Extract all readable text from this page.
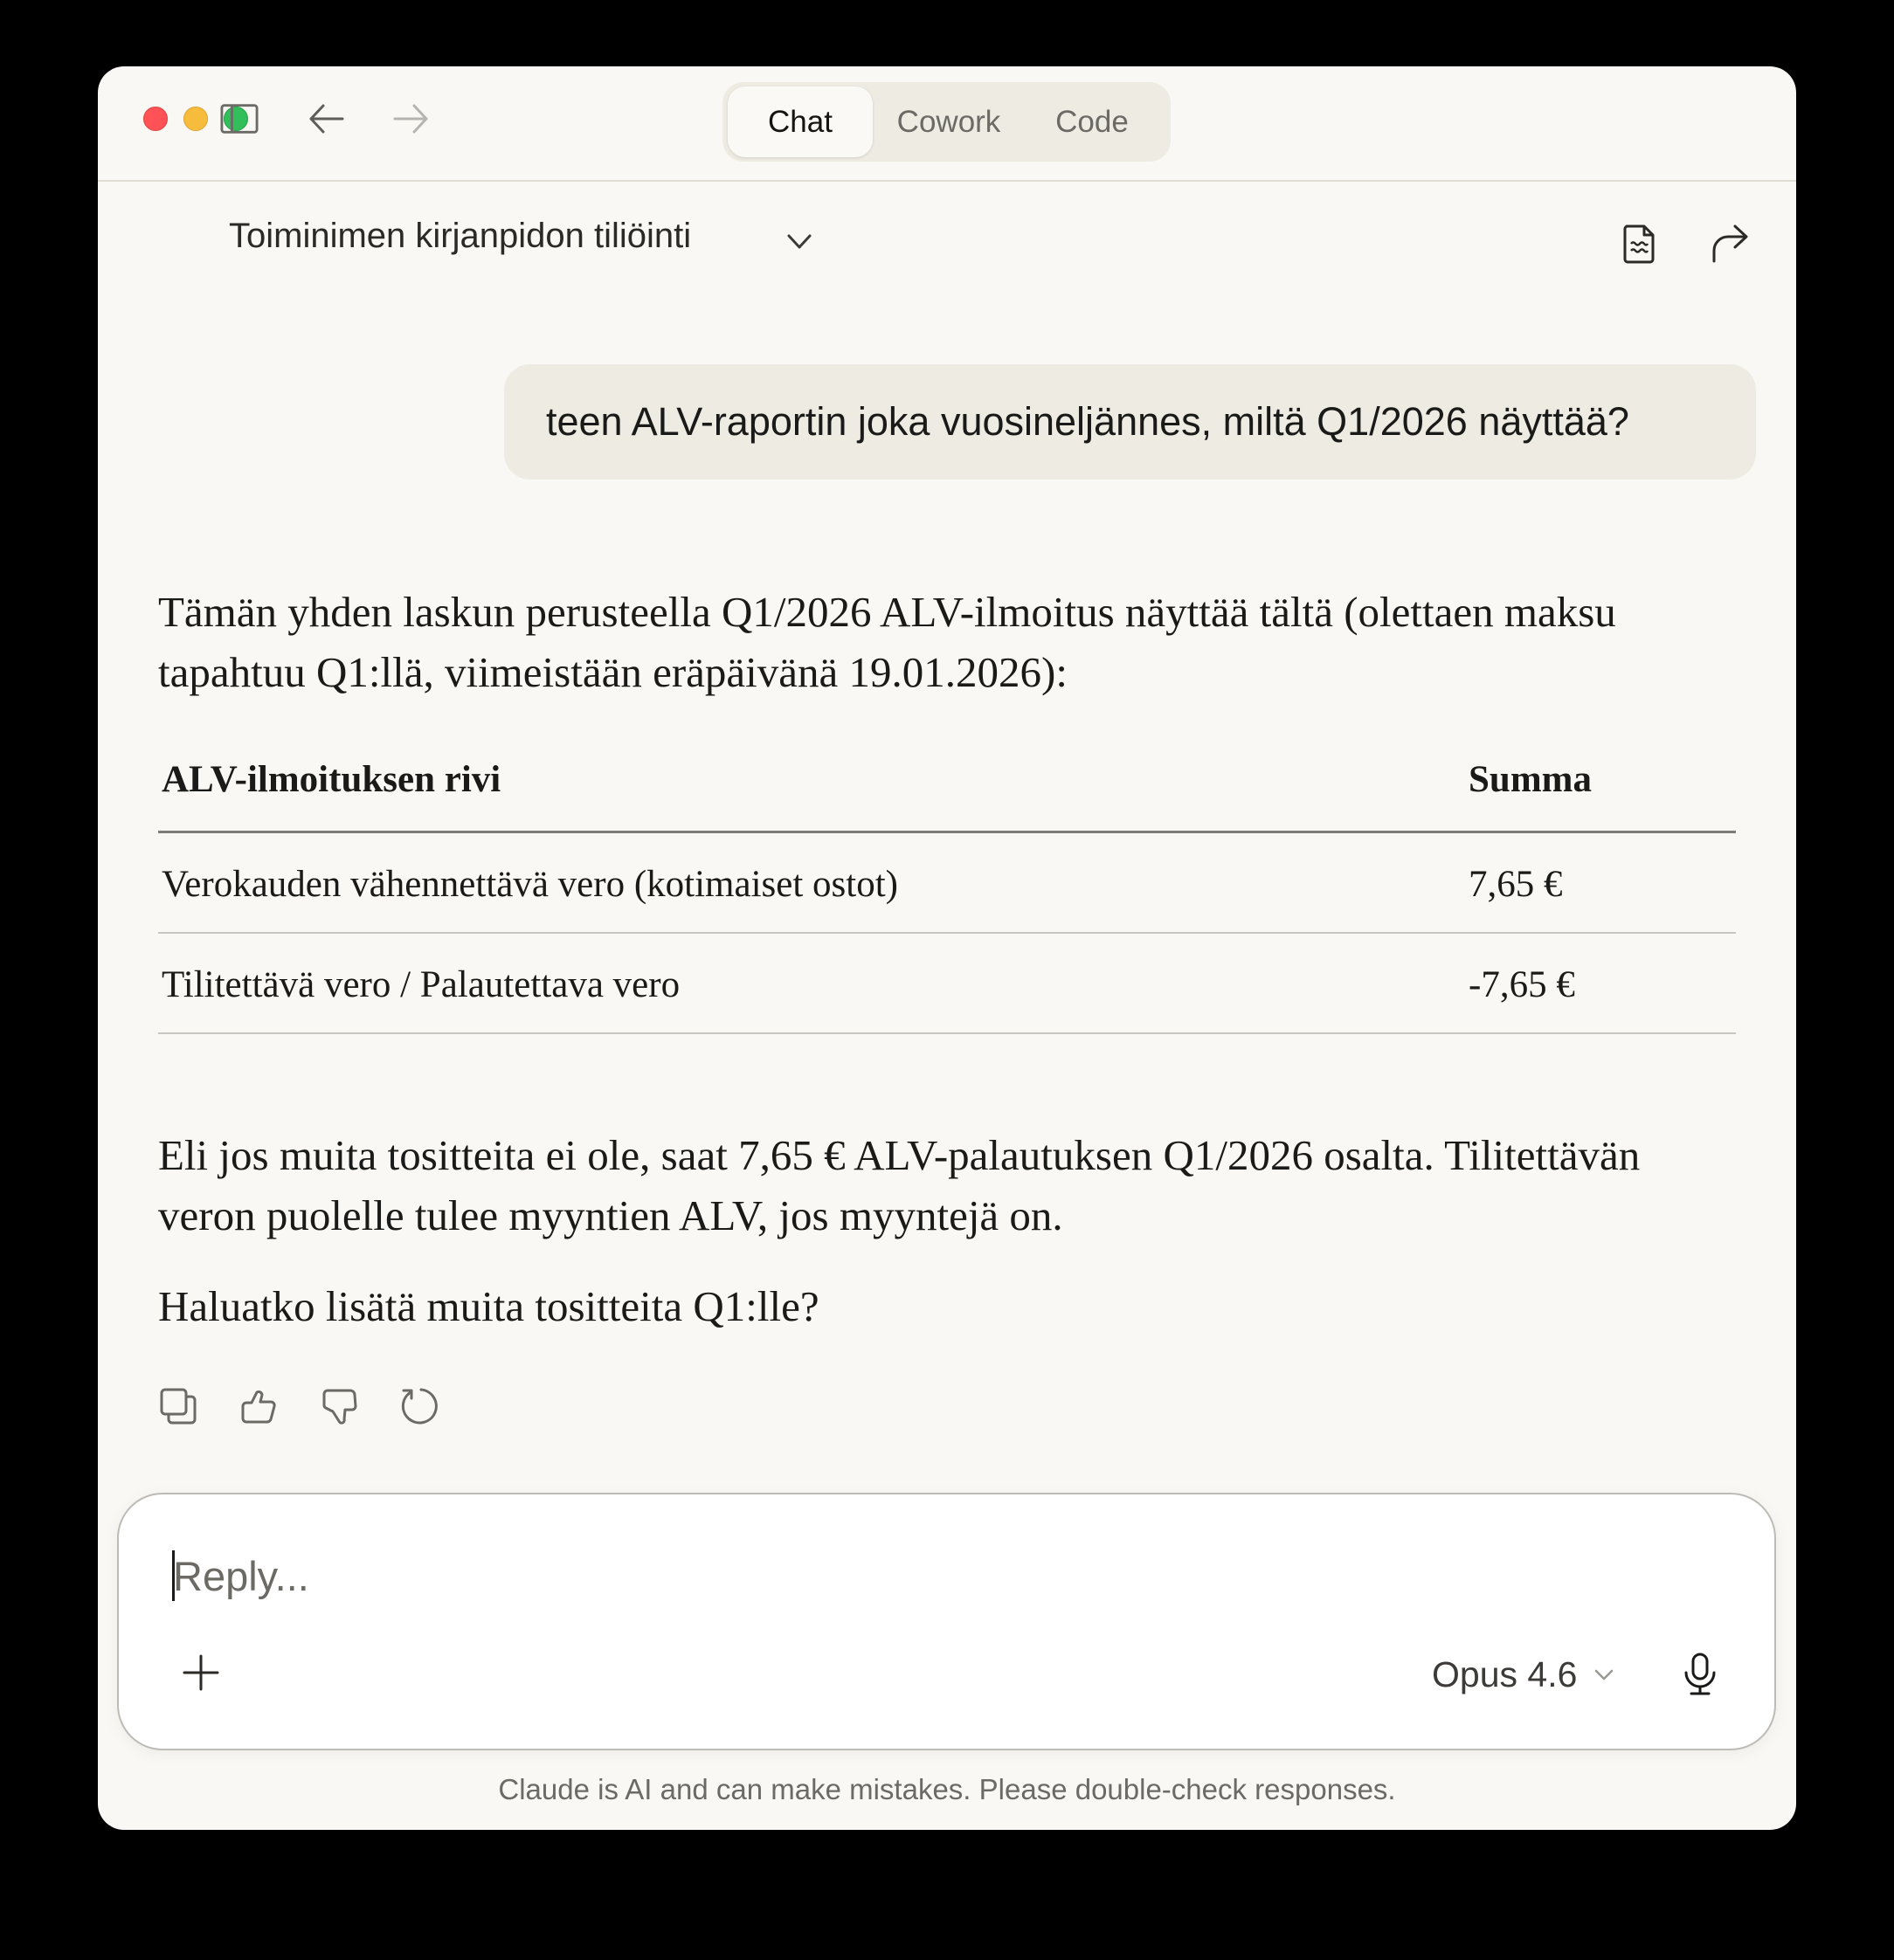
Chat	Cowork	Code
Toiminimen kirjanpidon tiliöinti
teen ALV-raportin joka vuosineljännes, miltä Q1/2026 näyttää?
Tämän yhden laskun perusteella Q1/2026 ALV-ilmoitus näyttää tältä (olettaen maksu tapahtuu Q1:llä, viimeistään eräpäivänä 19.01.2026):
ALV-ilmoituksen rivi	Summa
Verokauden vähennettävä vero (kotimaiset ostot)	7,65 €
Tilitettävä vero / Palautettava vero	-7,65 €
Eli jos muita tositteita ei ole, saat 7,65 € ALV-palautuksen Q1/2026 osalta. Tilitettävän veron puolelle tulee myyntien ALV, jos myyntejä on.
Haluatko lisätä muita tositteita Q1:lle?
Reply...
Opus 4.6
Claude is AI and can make mistakes. Please double-check responses.
